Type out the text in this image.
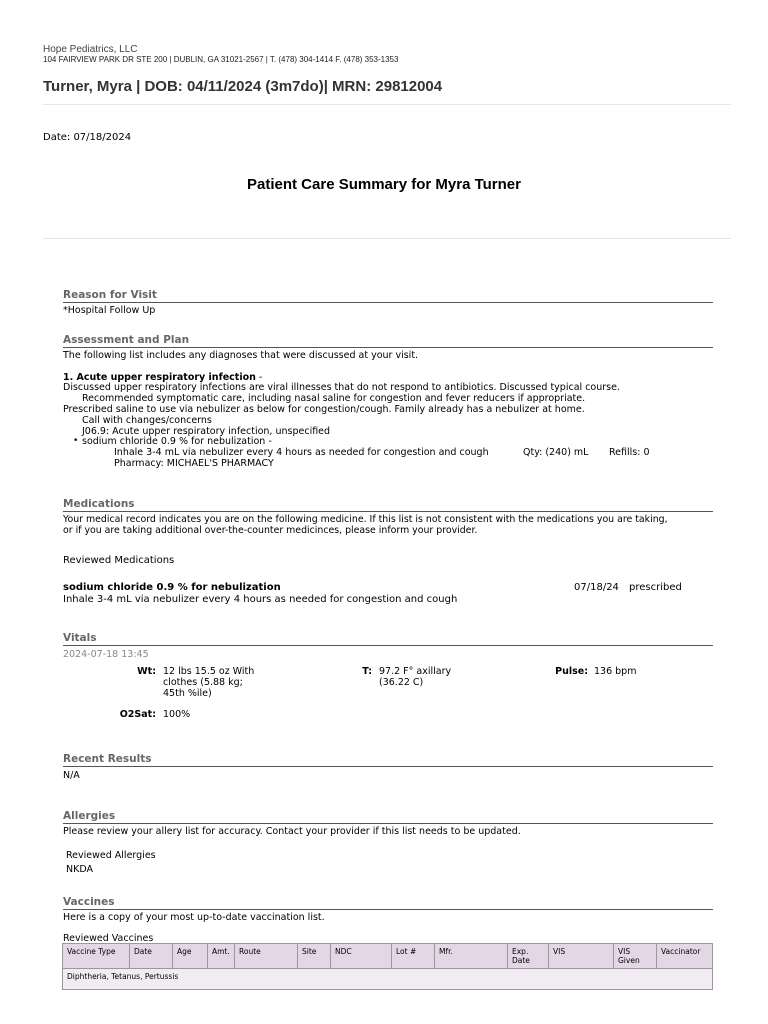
Hope Pediatrics, LLC
104 FAIRVIEW PARK DR STE 200 | DUBLIN, GA 31021-2567 | T. (478) 304-1414 F. (478) 353-1353
Turner, Myra | DOB: 04/11/2024 (3m7do)| MRN: 29812004
Date: 07/18/2024
Patient Care Summary for Myra Turner
Reason for Visit
*Hospital Follow Up
Assessment and Plan
The following list includes any diagnoses that were discussed at your visit.
1. Acute upper respiratory infection -
Discussed upper respiratory infections are viral illnesses that do not respond to antibiotics. Discussed typical course.
Recommended symptomatic care, including nasal saline for congestion and fever reducers if appropriate.
Prescribed saline to use via nebulizer as below for congestion/cough. Family already has a nebulizer at home.
Call with changes/concerns
J06.9: Acute upper respiratory infection, unspecified
• sodium chloride 0.9 % for nebulization -
Inhale 3-4 mL via nebulizer every 4 hours as needed for congestion and cough	Qty: (240) mL Refills: 0
Pharmacy: MICHAEL'S PHARMACY
Medications
Your medical record indicates you are on the following medicine. If this list is not consistent with the medications you are taking,
or if you are taking additional over-the-counter medicinces, please inform your provider.
Reviewed Medications
sodium chloride 0.9 % for nebulization	07/18/24 prescribed
Inhale 3-4 mL via nebulizer every 4 hours as needed for congestion and cough
Vitals
2024-07-18 13:45
Wt: 12 lbs 15.5 oz With
clothes (5.88 kg;
45th %ile)
T: 97.2 F° axillary
(36.22 C)
Pulse: 136 bpm
O2Sat: 100%
Recent Results
N/A
Allergies
Please review your allery list for accuracy. Contact your provider if this list needs to be updated.
Reviewed Allergies
NKDA
Vaccines
Here is a copy of your most up-to-date vaccination list.
Reviewed Vaccines
Vaccine Type	Date	Age	Amt.	Route	Site	NDC	Lot #	Mfr.	Exp. Date	VIS	VIS Given	Vaccinator
Diphtheria, Tetanus, Pertussis
